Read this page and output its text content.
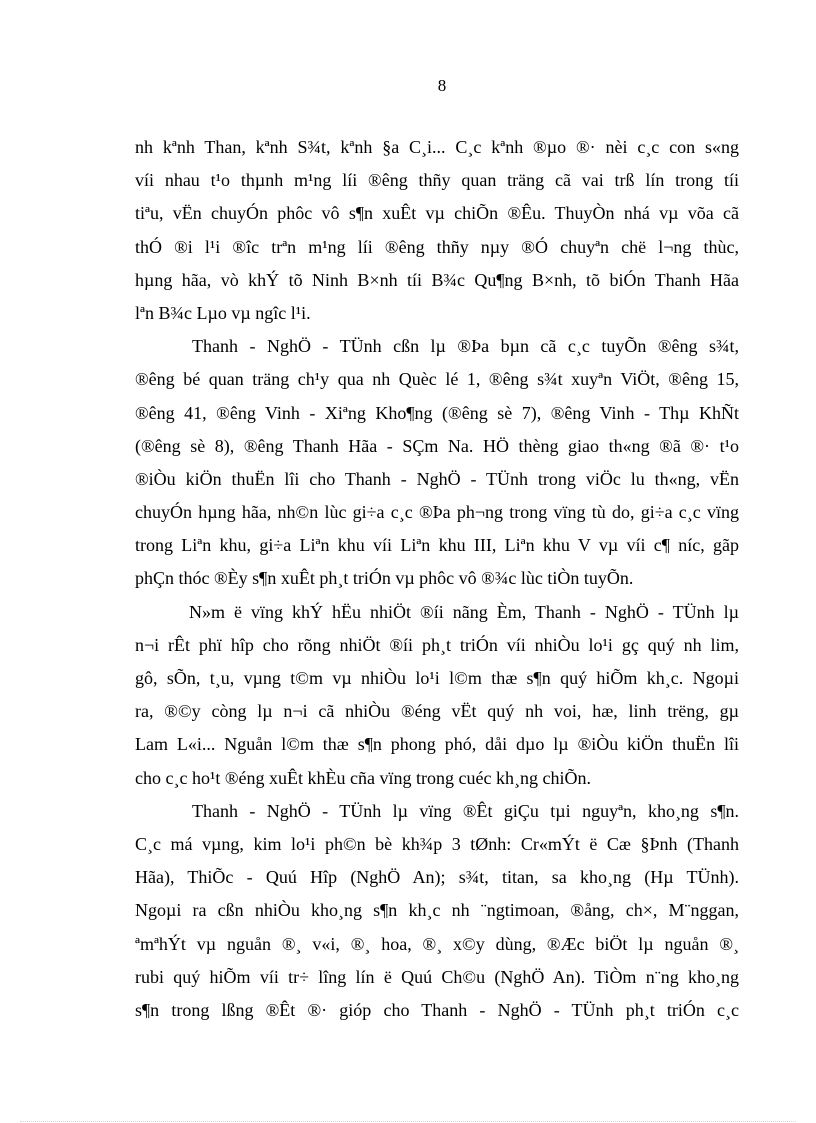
8
nh kªnh Than, kªnh S¾t, kªnh §a C¸i... C¸c kªnh ®µo ®· nèi c¸c con s«ng
víi nhau t¹o thµnh m¹ng líi ®êng thñy quan träng cã vai trß lín trong tíi
tiªu, vËn chuyÓn phôc vô s¶n xuÊt vµ chiÕn ®Êu. ThuyÒn nhá vµ võa cã
thÓ ®i l¹i ®îc trªn m¹ng líi ®êng thñy nµy ®Ó chuyªn chë l¬ng thùc,
hµng hãa, vò khÝ tõ Ninh B×nh tíi B¾c Qu¶ng B×nh, tõ biÓn Thanh Hãa
lªn B¾c Lµo vµ ngîc l¹i.
Thanh - NghÖ - TÜnh cßn lµ ®Þa bµn cã c¸c tuyÕn ®êng s¾t,
®êng bé quan träng ch¹y qua nh Quèc lé 1, ®êng s¾t xuyªn ViÖt, ®êng 15,
®êng 41, ®êng Vinh - Xiªng Kho¶ng (®êng sè 7), ®êng Vinh - Thµ KhÑt
(®êng sè 8), ®êng Thanh Hãa - SÇm Na. HÖ thèng giao th«ng ®ã ®· t¹o
®iÒu kiÖn thuËn lîi cho Thanh - NghÖ - TÜnh trong viÖc lu th«ng, vËn
chuyÓn hµng hãa, nh©n lùc gi÷a c¸c ®Þa ph¬ng trong vïng tù do, gi÷a c¸c vïng
trong Liªn khu, gi÷a Liªn khu víi Liªn khu III, Liªn khu V vµ víi c¶ níc, gãp
phÇn thóc ®Èy s¶n xuÊt ph¸t triÓn vµ phôc vô ®¾c lùc tiÒn tuyÕn.
N»m ë vïng khÝ hËu nhiÖt ®íi nãng Èm, Thanh - NghÖ - TÜnh lµ
n¬i rÊt phï hîp cho rõng nhiÖt ®íi ph¸t triÓn víi nhiÒu lo¹i gç quý nh lim,
gô, sÕn, t¸u, vµng t©m vµ nhiÒu lo¹i l©m thæ s¶n quý hiÕm kh¸c. Ngoµi
ra, ®©y còng lµ n¬i cã nhiÒu ®éng vËt quý nh voi, hæ, linh trëng, gµ
Lam L«i... Nguån l©m thæ s¶n phong phó, dåi dµo lµ ®iÒu kiÖn thuËn lîi
cho c¸c ho¹t ®éng xuÊt khÈu cña vïng trong cuéc kh¸ng chiÕn.
Thanh - NghÖ - TÜnh lµ vïng ®Êt giÇu tµi nguyªn, kho¸ng s¶n.
C¸c má vµng, kim lo¹i ph©n bè kh¾p 3 tØnh: Cr«mÝt ë Cæ §Þnh (Thanh
Hãa), ThiÕc - Quú Hîp (NghÖ An); s¾t, titan, sa kho¸ng (Hµ TÜnh).
Ngoµi ra cßn nhiÒu kho¸ng s¶n kh¸c nh ¨ngtimoan, ®ång, ch×, M¨nggan,
ªmªhÝt vµ nguån ®¸ v«i, ®¸ hoa, ®¸ x©y dùng, ®Æc biÖt lµ nguån ®¸
rubi quý hiÕm víi tr÷ lîng lín ë Quú Ch©u (NghÖ An). TiÒm n¨ng kho¸ng
s¶n trong lßng ®Êt ®· gióp cho Thanh - NghÖ - TÜnh ph¸t triÓn c¸c
